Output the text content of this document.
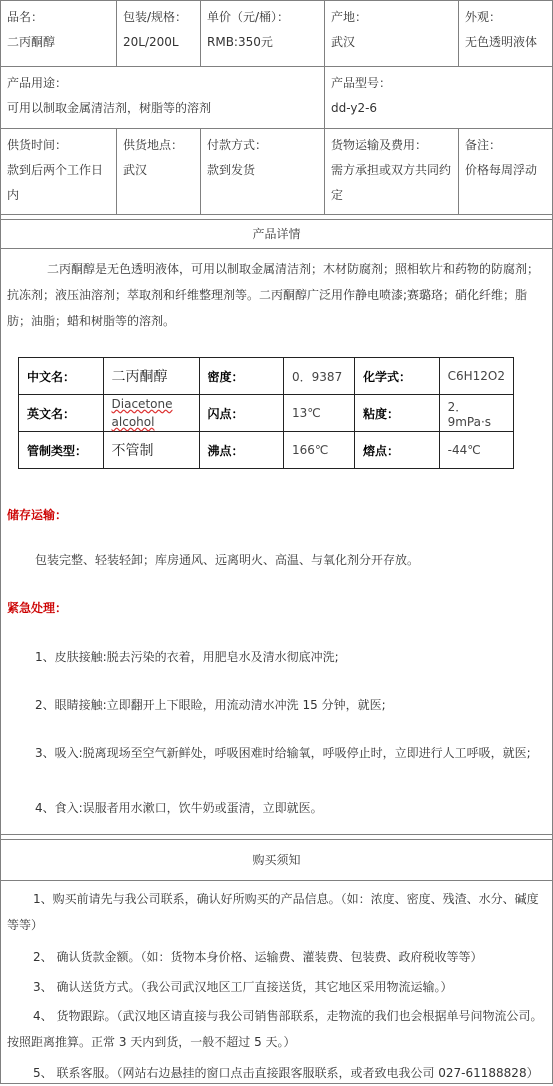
品名：
二丙酮醇
包装/规格：
20L/200L
单价（元/桶）：
RMB:350元
产地：
武汉
外观：
无色透明液体
产品用途：
可用以制取金属清洁剂，树脂等的溶剂
产品型号：
dd-y2-6
供货时间：
款到后两个工作日内
供货地点：
武汉
付款方式：
款到发货
货物运输及费用：
需方承担或双方共同约定
备注：
价格每周浮动
产品详情
二丙酮醇是无色透明液体，可用以制取金属清洁剂；木材防腐剂；照相软片和药物的防腐剂；抗冻剂；液压油溶剂；萃取剂和纤维整理剂等。二丙酮醇广泛用作静电喷漆;赛璐珞；硝化纤维；脂肪；油脂；蜡和树脂等的溶剂。
中文名：	二丙酮醇	密度：	0．9387	化学式：	C6H12O2
英文名：	Diacetone alcohol	闪点：	13℃	粘度：	2．9mPa·s
管制类型：	不管制	沸点：	166℃	熔点：	-44℃
储存运输：
包装完整、轻装轻卸；库房通风、远离明火、高温、与氧化剂分开存放。
紧急处理：
1、皮肤接触:脱去污染的衣着，用肥皂水及清水彻底冲洗;
2、眼睛接触:立即翻开上下眼睑，用流动清水冲洗 15 分钟，就医;
3、吸入:脱离现场至空气新鲜处，呼吸困难时给输氧，呼吸停止时，立即进行人工呼吸，就医;
4、食入:误服者用水漱口，饮牛奶或蛋清，立即就医。
购买须知
1、购买前请先与我公司联系，确认好所购买的产品信息。（如：浓度、密度、残渣、水分、碱度等等）
2、 确认货款金额。（如：货物本身价格、运输费、灌装费、包装费、政府税收等等）
3、 确认送货方式。（我公司武汉地区工厂直接送货，其它地区采用物流运输。）
4、 货物跟踪。（武汉地区请直接与我公司销售部联系，走物流的我们也会根据单号问物流公司。按照距离推算。正常 3 天内到货，一般不超过 5 天。）
5、 联系客服。（网站右边悬挂的窗口点击直接跟客服联系，或者致电我公司 027-61188828）
